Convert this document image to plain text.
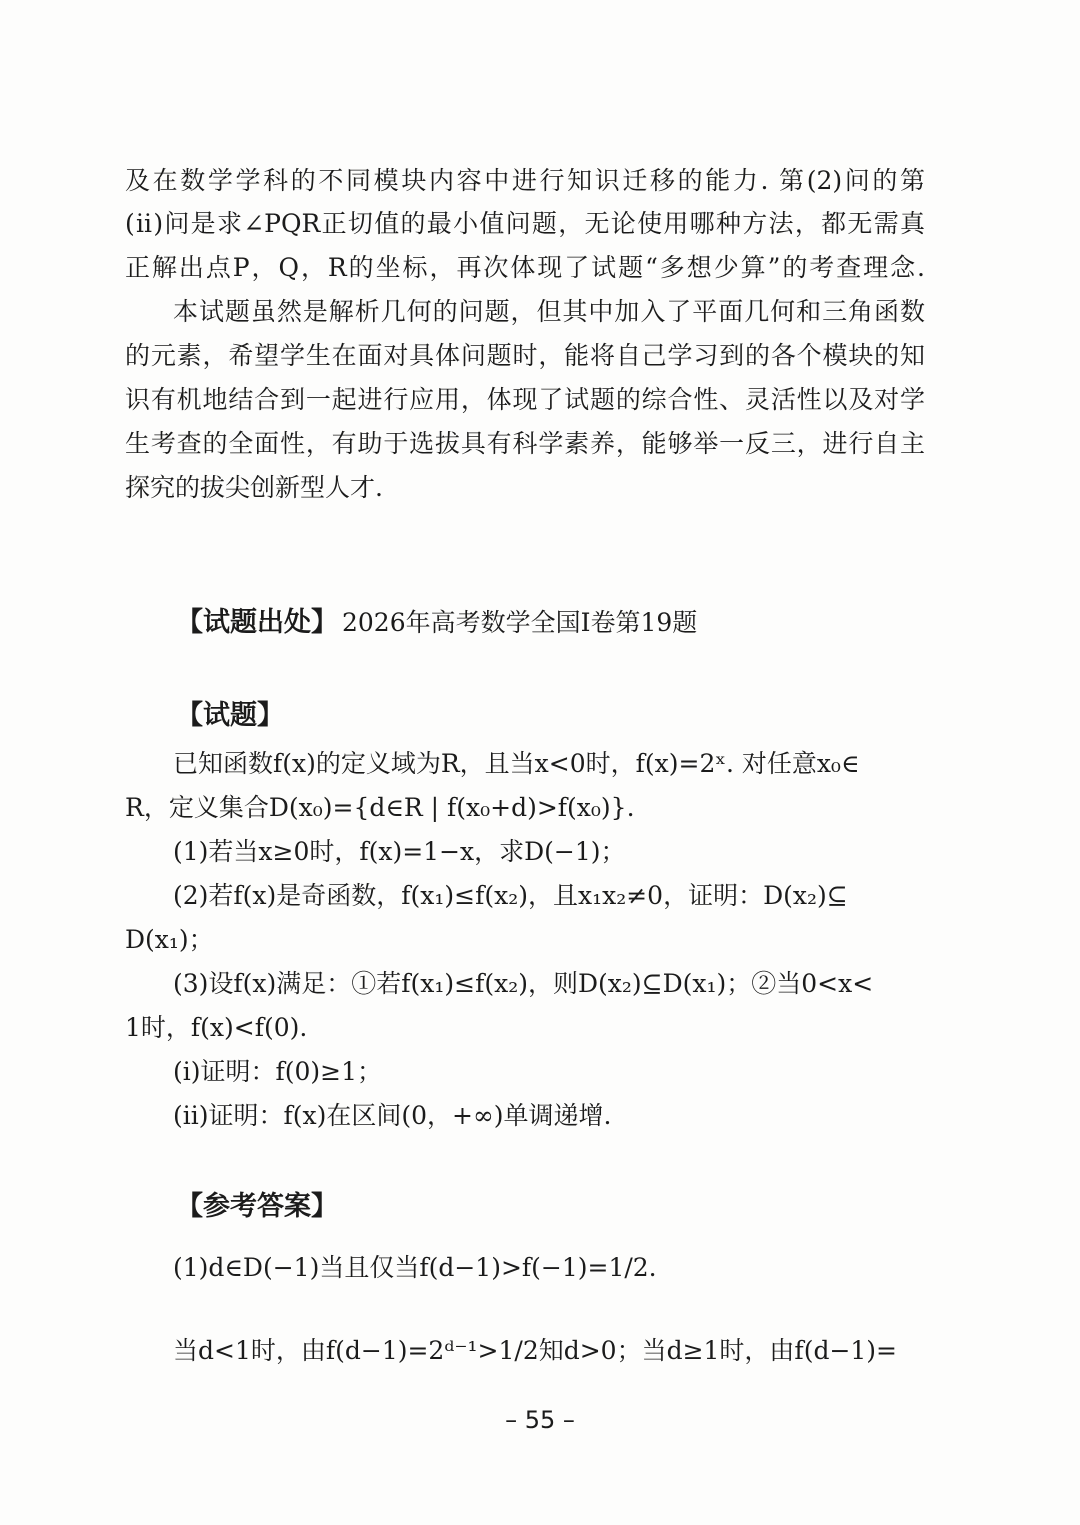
及在数学学科的不同模块内容中进行知识迁移的能力. 第(2)问的第
(ⅱ)问是求∠PQR正切值的最小值问题，无论使用哪种方法，都无需真
正解出点P，Q，R的坐标，再次体现了试题“多想少算”的考查理念.
本试题虽然是解析几何的问题，但其中加入了平面几何和三角函数
的元素，希望学生在面对具体问题时，能将自己学习到的各个模块的知
识有机地结合到一起进行应用，体现了试题的综合性、灵活性以及对学
生考查的全面性，有助于选拔具有科学素养，能够举一反三，进行自主
探究的拔尖创新型人才.
【试题出处】 2026年高考数学全国Ⅰ卷第19题
【试题】
已知函数f(x)的定义域为R，且当x<0时，f(x)=2ˣ. 对任意x₀∈
R，定义集合D(x₀)={d∈R | f(x₀+d)>f(x₀)}.
(1)若当x≥0时，f(x)=1−x，求D(−1)；
(2)若f(x)是奇函数，f(x₁)≤f(x₂)，且x₁x₂≠0，证明：D(x₂)⊆
D(x₁)；
(3)设f(x)满足：①若f(x₁)≤f(x₂)，则D(x₂)⊆D(x₁)；②当0<x<
1时，f(x)<f(0).
(ⅰ)证明：f(0)≥1；
(ⅱ)证明：f(x)在区间(0，+∞)单调递增.
【参考答案】
(1)d∈D(−1)当且仅当f(d−1)>f(−1)=1/2.
当d<1时，由f(d−1)=2ᵈ⁻¹>1/2知d>0；当d≥1时，由f(d−1)=
– 55 –
